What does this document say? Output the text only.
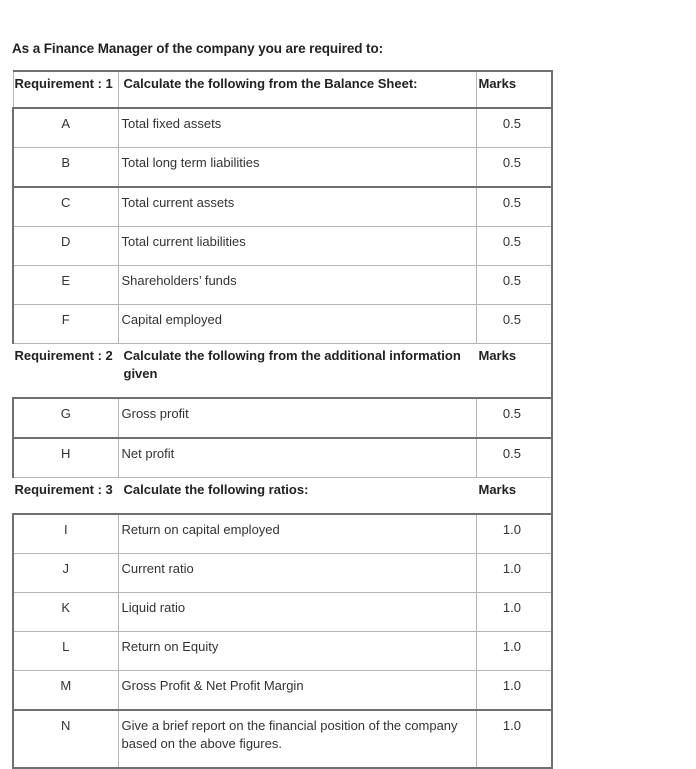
As a Finance Manager of the company you are required to:
Requirement : 1	Calculate the following from the Balance Sheet:	Marks
A	Total fixed assets	0.5
B	Total long term liabilities	0.5
C	Total current assets	0.5
D	Total current liabilities	0.5
E	Shareholders’ funds	0.5
F	Capital employed	0.5
Requirement : 2	Calculate the following from the additional information given	Marks
G	Gross profit	0.5
H	Net profit	0.5
Requirement : 3	Calculate the following ratios:	Marks
I	Return on capital employed	1.0
J	Current ratio	1.0
K	Liquid ratio	1.0
L	Return on Equity	1.0
M	Gross Profit & Net Profit Margin	1.0
N	Give a brief report on the financial position of the company based on the above figures.	1.0
